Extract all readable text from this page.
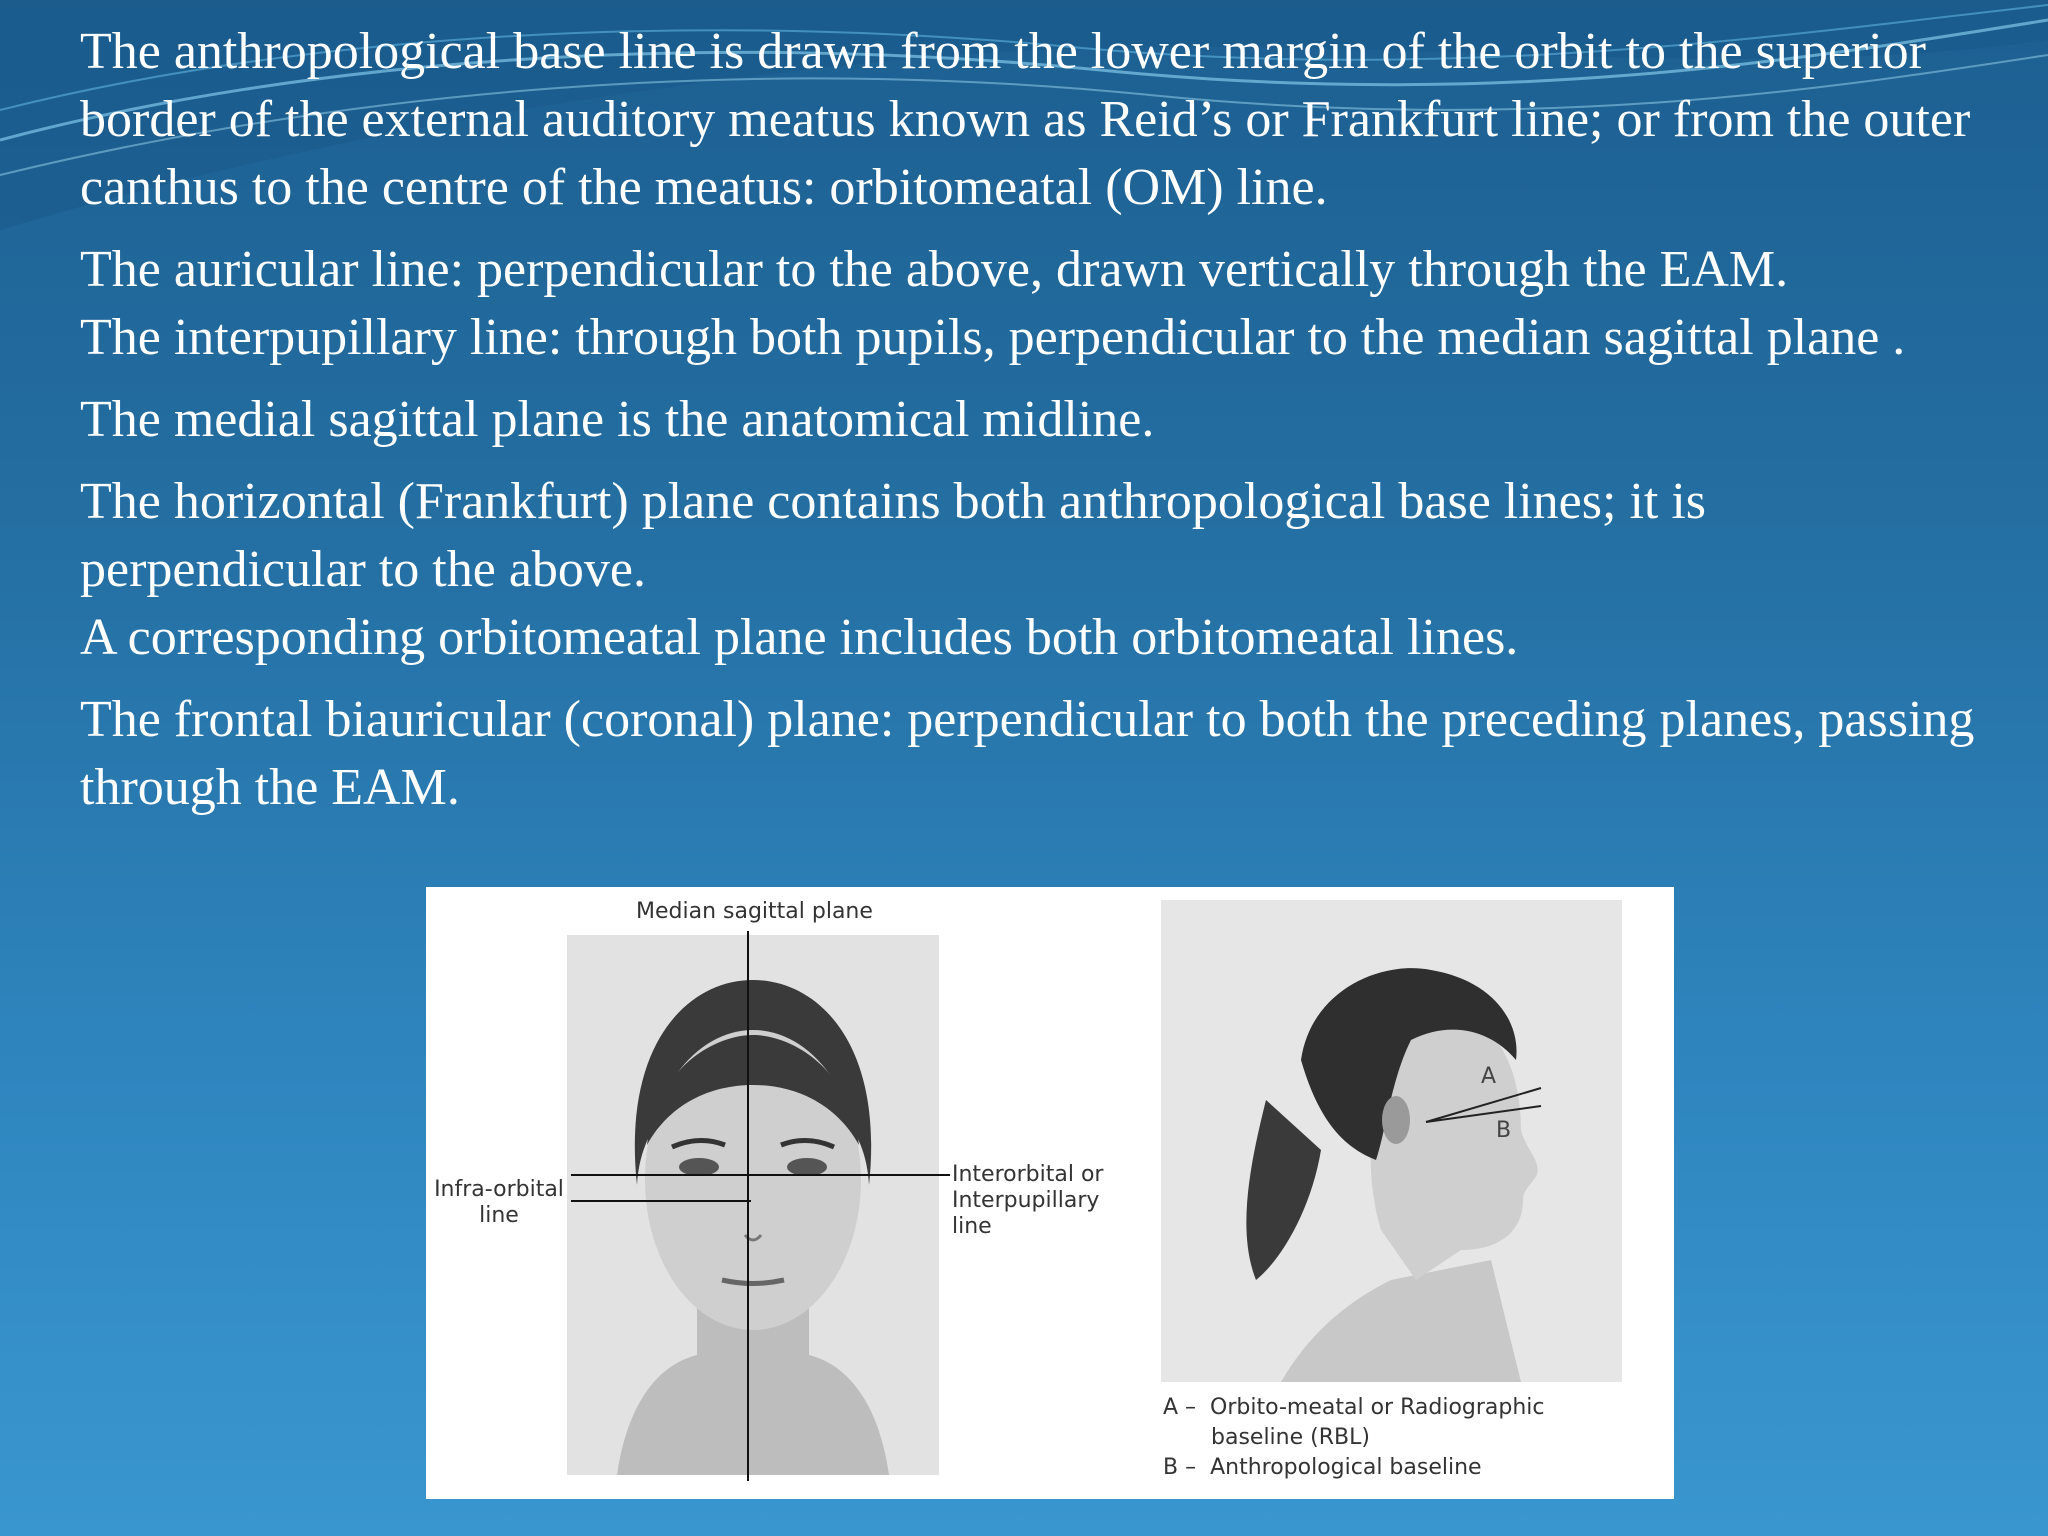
The anthropological base line is drawn from the lower margin of the orbit to the superior border of the external auditory meatus known as Reid’s or Frankfurt line; or from the outer canthus to the centre of the meatus: orbitomeatal (OM) line.

The auricular line: perpendicular to the above, drawn vertically through the EAM.

The interpupillary line: through both pupils, perpendicular to the median sagittal plane .

The medial sagittal plane is the anatomical midline.

The horizontal (Frankfurt) plane contains both anthropological base lines; it is perpendicular to the above.

A corresponding orbitomeatal plane includes both orbitomeatal lines.

The frontal biauricular (coronal) plane: perpendicular to both the preceding planes, passing through the EAM.

Median sagittal plane
Infra-orbital
line
Interorbital or
Interpupillary
line
A
B
A – Orbito-meatal or Radiographic
baseline (RBL)
B – Anthropological baseline
